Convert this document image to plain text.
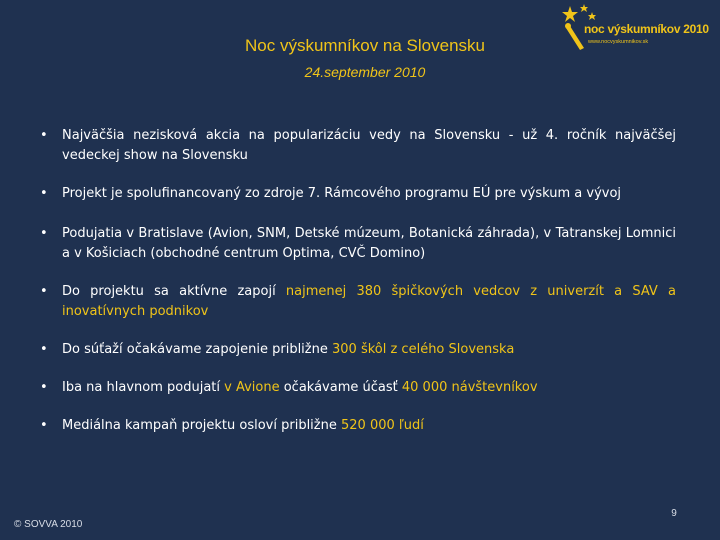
Noc výskumníkov na Slovensku
24.september 2010
noc výskumníkov 2010
www.nocvyskumnikov.sk
• Najväčšia nezisková akcia na popularizáciu vedy na Slovensku - už 4. ročník najväčšej vedeckej show na Slovensku
• Projekt je spolufinancovaný zo zdroje 7. Rámcového programu EÚ pre výskum a vývoj
• Podujatia v Bratislave (Avion, SNM, Detské múzeum, Botanická záhrada), v Tatranskej Lomnici a v Košiciach (obchodné centrum Optima, CVČ Domino)
• Do projektu sa aktívne zapojí najmenej 380 špičkových vedcov z univerzít a SAV a inovatívnych podnikov
• Do súťaží očakávame zapojenie približne 300 škôl z celého Slovenska
• Iba na hlavnom podujatí v Avione očakávame účasť 40 000 návštevníkov
• Mediálna kampaň projektu osloví približne 520 000 ľudí
© SOVVA 2010
9
